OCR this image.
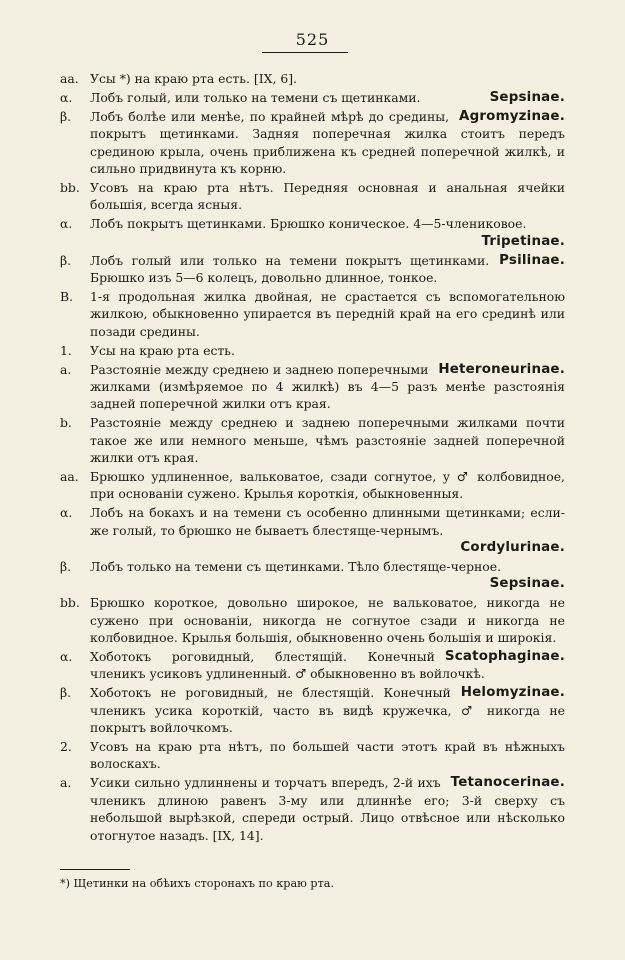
525
aa. Усы *) на краю рта есть. [IX, 6].
α.	Sepsinae.
Лобъ голый, или только на темени съ щетинками.
β.	Agromyzinae.
Лобъ болѣе или менѣе, по крайней мѣрѣ до средины, покрытъ щетинками. Задняя поперечная жилка стоитъ передъ срединою крыла, очень приближена къ средней поперечной жилкѣ, и сильно придвинута къ корню.
bb. Усовъ на краю рта нѣтъ. Передняя основная и анальная ячейки большія, всегда ясныя.
α. Лобъ покрытъ щетинками. Брюшко коническое. 4—5-члениковое.
Tripetinae.
β.	Psilinae.
Лобъ голый или только на темени покрытъ щетинками. Брюшко изъ 5—6 колецъ, довольно длинное, тонкое.
B. 1-я продольная жилка двойная, не срастается съ вспомогательною жилкою, обыкновенно упирается въ передній край на его срединѣ или позади средины.
1. Усы на краю рта есть.
a.	Heteroneurinae.
Разстояніе между среднею и заднею поперечными жилками (измѣряемое по 4 жилкѣ) въ 4—5 разъ менѣе разстоянія задней поперечной жилки отъ края.
b. Разстояніе между среднею и заднею поперечными жилками почти такое же или немного меньше, чѣмъ разстояніе задней поперечной жилки отъ края.
aa. Брюшко удлиненное, вальковатое, сзади согнутое, у ♂ колбовидное, при основаніи сужено. Крылья короткія, обыкновенныя.
α. Лобъ на бокахъ и на темени съ особенно длинными щетинками; если-же голый, то брюшко не бываетъ блестяще-чернымъ.
Cordylurinae.
β. Лобъ только на темени съ щетинками. Тѣло блестяще-черное.
Sepsinae.
bb. Брюшко короткое, довольно широкое, не вальковатое, никогда не сужено при основаніи, никогда не согнутое сзади и никогда не колбовидное. Крылья большія, обыкновенно очень большія и широкія.
α.	Scatophaginae.
Хоботокъ роговидный, блестящій. Конечный членикъ усиковъ удлиненный. ♂ обыкновенно въ войлочкѣ.
β.	Helomyzinae.
Хоботокъ не роговидный, не блестящій. Конечный членикъ усика короткій, часто въ видѣ кружечка, ♂ никогда не покрытъ войлочкомъ.
2. Усовъ на краю рта нѣтъ, по большей части этотъ край въ нѣжныхъ волоскахъ.
a.	Tetanocerinae.
Усики сильно удлиннены и торчатъ впередъ, 2-й ихъ членикъ длиною равенъ 3-му или длиннѣе его; 3-й сверху съ небольшой вырѣзкой, спереди острый. Лицо отвѣсное или нѣсколько отогнутое назадъ. [IX, 14].
*) Щетинки на обѣихъ сторонахъ по краю рта.
